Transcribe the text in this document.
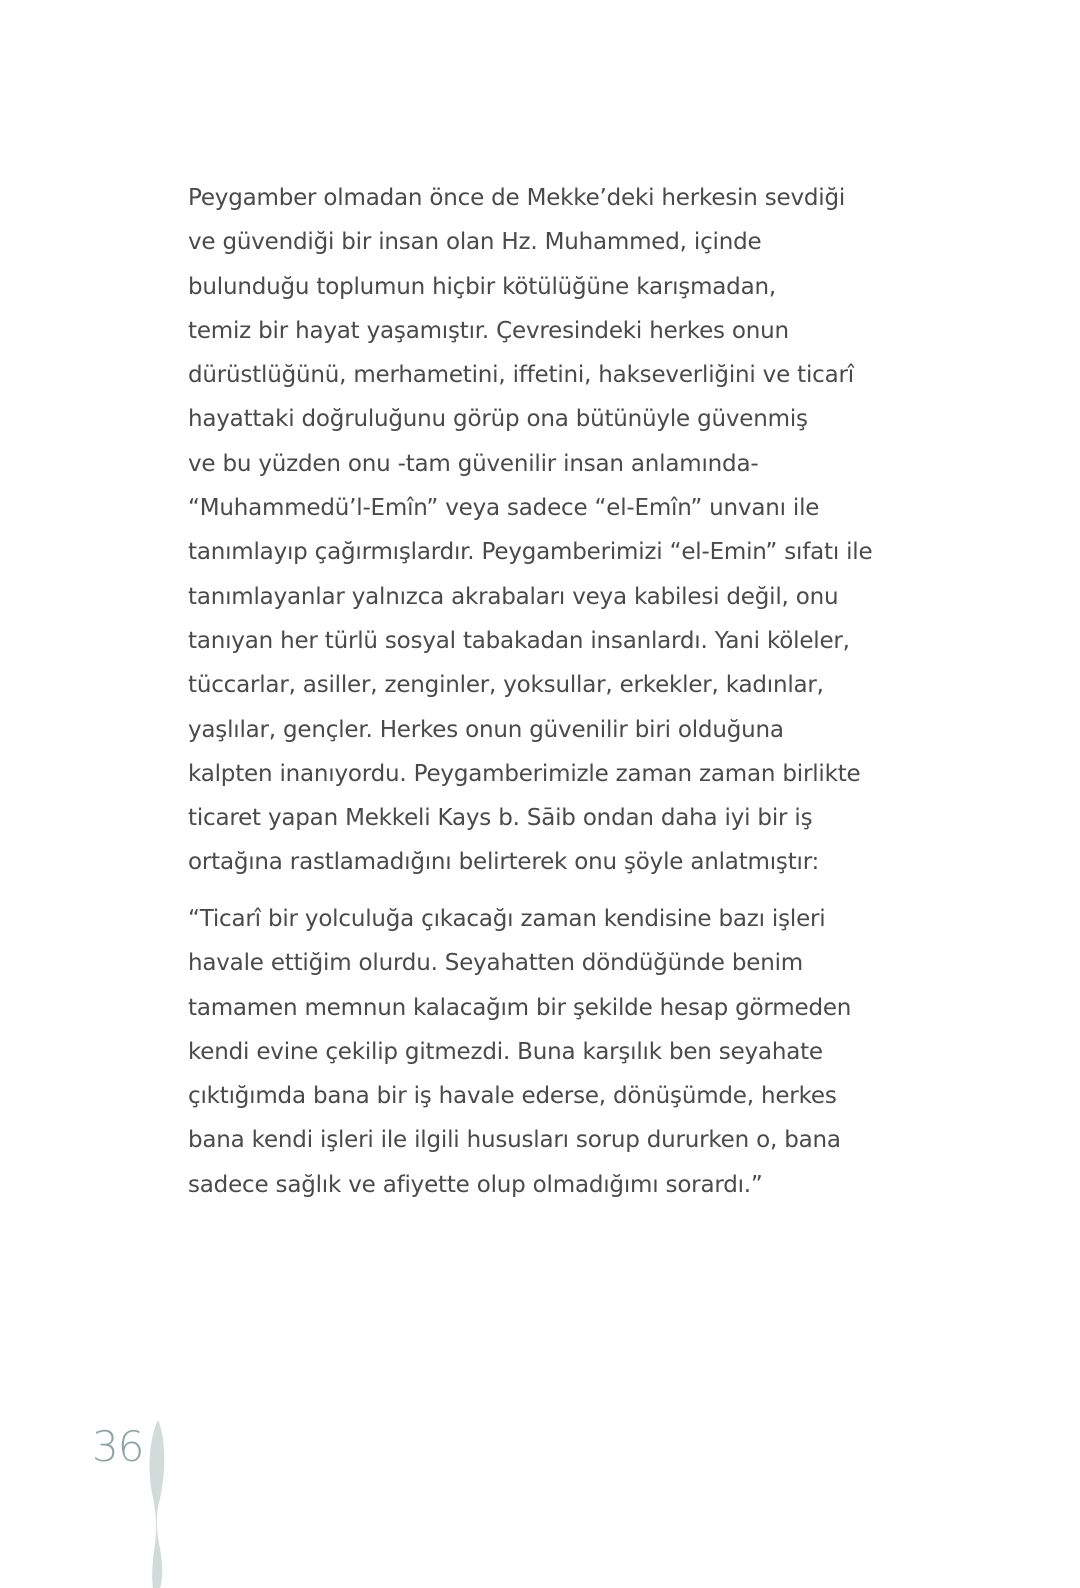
Peygamber olmadan önce de Mekke’deki herkesin sevdiği
ve güvendiği bir insan olan Hz. Muhammed, içinde
bulunduğu toplumun hiçbir kötülüğüne karışmadan,
temiz bir hayat yaşamıştır. Çevresindeki herkes onun
dürüstlüğünü, merhametini, iffetini, hakseverliğini ve ticarî
hayattaki doğruluğunu görüp ona bütünüyle güvenmiş
ve bu yüzden onu -tam güvenilir insan anlamında-
“Muhammedü’l-Emîn” veya sadece “el-Emîn” unvanı ile
tanımlayıp çağırmışlardır. Peygamberimizi “el-Emin” sıfatı ile
tanımlayanlar yalnızca akrabaları veya kabilesi değil, onu
tanıyan her türlü sosyal tabakadan insanlardı. Yani köleler,
tüccarlar, asiller, zenginler, yoksullar, erkekler, kadınlar,
yaşlılar, gençler. Herkes onun güvenilir biri olduğuna
kalpten inanıyordu. Peygamberimizle zaman zaman birlikte
ticaret yapan Mekkeli Kays b. Sāib ondan daha iyi bir iş
ortağına rastlamadığını belirterek onu şöyle anlatmıştır:
“Ticarî bir yolculuğa çıkacağı zaman kendisine bazı işleri
havale ettiğim olurdu. Seyahatten döndüğünde benim
tamamen memnun kalacağım bir şekilde hesap görmeden
kendi evine çekilip gitmezdi. Buna karşılık ben seyahate
çıktığımda bana bir iş havale ederse, dönüşümde, herkes
bana kendi işleri ile ilgili hususları sorup dururken o, bana
sadece sağlık ve afiyette olup olmadığımı sorardı.”
36
